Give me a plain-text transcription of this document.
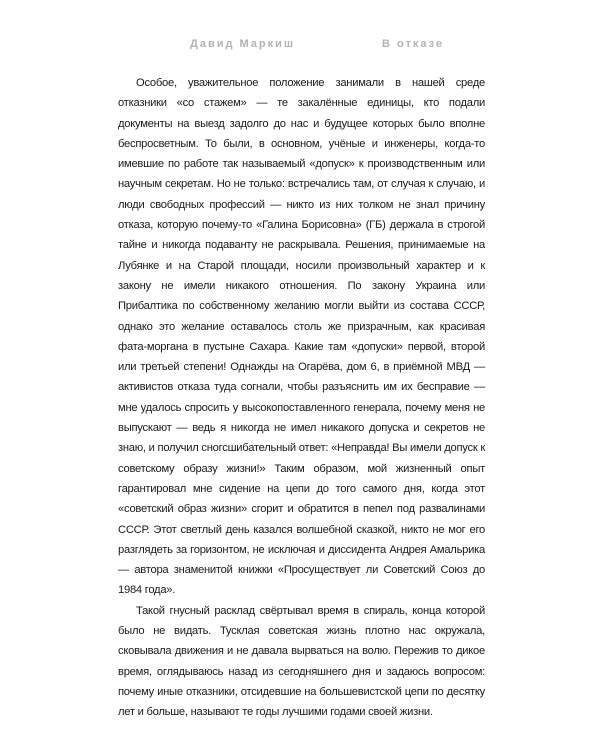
Давид Маркиш	В отказе

Особое, уважительное положение занимали в нашей среде отказники «со стажем» — те закалённые единицы, кто подали документы на выезд задолго до нас и будущее которых было вполне беспросветным. То были, в основном, учёные и инженеры, когда-то имевшие по работе так называемый «допуск» к производственным или научным секретам. Но не только: встречались там, от случая к случаю, и люди свободных профессий — никто из них толком не знал причину отказа, которую почему-то «Галина Борисовна» (ГБ) держала в строгой тайне и никогда подаванту не раскрывала. Решения, принимаемые на Лубянке и на Старой площади, носили произвольный характер и к закону не имели никакого отношения. По закону Украина или Прибалтика по собственному желанию могли выйти из состава СССР, однако это желание оставалось столь же призрачным, как красивая фата-моргана в пустыне Сахара. Какие там «допуски» первой, второй или третьей степени! Однажды на Огарёва, дом 6, в приёмной МВД — активистов отказа туда согнали, чтобы разъяснить им их бесправие — мне удалось спросить у высокопоставленного генерала, почему меня не выпускают — ведь я никогда не имел никакого допуска и секретов не знаю, и получил сногсшибательный ответ: «Неправда! Вы имели допуск к советскому образу жизни!» Таким образом, мой жизненный опыт гарантировал мне сидение на цепи до того самого дня, когда этот «советский образ жизни» сгорит и обратится в пепел под развалинами СССР. Этот светлый день казался волшебной сказкой, никто не мог его разглядеть за горизонтом, не исключая и диссидента Андрея Амальрика — автора знаменитой книжки «Просуществует ли Советский Союз до 1984 года».

Такой гнусный расклад свёртывал время в спираль, конца которой было не видать. Тусклая советская жизнь плотно нас окружала, сковывала движения и не давала вырваться на волю. Пережив то дикое время, оглядываюсь назад из сегодняшнего дня и задаюсь вопросом: почему иные отказники, отсидевшие на большевистской цепи по десятку лет и больше, называют те годы лучшими годами своей жизни.
